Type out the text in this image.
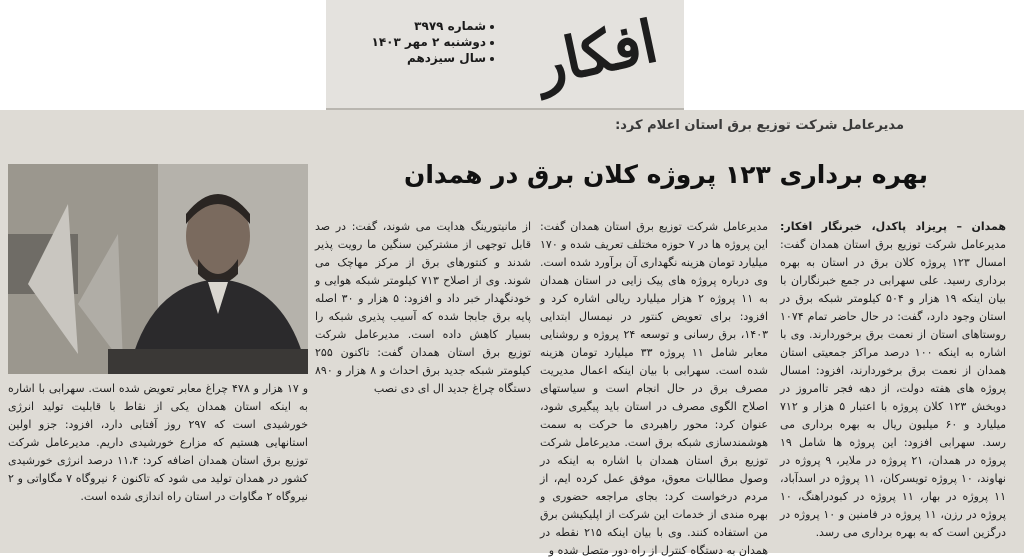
شماره ۳۹۷۹
دوشنبه ۲ مهر ۱۴۰۳
سال سیزدهم افکار
مدیرعامل شرکت توزیع برق استان اعلام کرد:
بهره برداری ۱۲۳ پروژه کلان برق در همدان

همدان – پریزاد پاکدل، خبرنگار افکار: مدیرعامل شرکت توزیع برق استان همدان گفت: امسال ۱۲۳ پروژه کلان برق در استان به بهره برداری رسید. علی سهرابی در جمع خبرنگاران با بیان اینکه ۱۹ هزار و ۵۰۴ کیلومتر شبکه برق در استان وجود دارد، گفت: در حال حاضر تمام ۱۰۷۴ روستاهای استان از نعمت برق برخوردارند. وی با اشاره به اینکه ۱۰۰ درصد مراکز جمعیتی استان همدان از نعمت برق برخوردارند، افزود: امسال پروژه های هفته دولت، از دهه فجر تاامروز در دوبخش ۱۲۳ کلان پروژه با اعتبار ۵ هزار و ۷۱۲ میلیارد و ۶۰ میلیون ریال به بهره برداری می رسد. سهرابی افزود: این پروژه ها شامل ۱۹ پروژه در همدان، ۲۱ پروژه در ملایر، ۹ پروژه در نهاوند، ۱۰ پروژه تویسرکان، ۱۱ پروژه در اسدآباد، ۱۱ پروژه در بهار، ۱۱ پروژه در کبودراهنگ، ۱۰ پروژه در رزن، ۱۱ پروژه در فامنین و ۱۰ پروژه در درگزین است که به بهره برداری می رسد.

مدیرعامل شرکت توزیع برق استان همدان گفت: این پروژه ها در ۷ حوزه مختلف تعریف شده و ۱۷۰ میلیارد تومان هزینه نگهداری آن برآورد شده است. وی درباره پروژه های پیک زایی در استان همدان به ۱۱ پروژه ۲ هزار میلیارد ریالی اشاره کرد و افزود: برای تعویض کنتور در نیمسال ابتدایی ۱۴۰۳، برق رسانی و توسعه ۲۴ پروژه و روشنایی معابر شامل ۱۱ پروژه ۳۳ میلیارد تومان هزینه شده است. سهرابی با بیان اینکه اعمال مدیریت مصرف برق در حال انجام است و سیاستهای اصلاح الگوی مصرف در استان باید پیگیری شود، عنوان کرد: محور راهبردی ما حرکت به سمت هوشمندسازی شبکه برق است. مدیرعامل شرکت توزیع برق استان همدان با اشاره به اینکه در وصول مطالبات معوق، موفق عمل کرده ایم، از مردم درخواست کرد: بجای مراجعه حضوری و بهره مندی از خدمات این شرکت از اپلیکیشن برق من استفاده کنند. وی با بیان اینکه ۲۱۵ نقطه در همدان به دستگاه کنترل از راه دور متصل شده و

از مانیتورینگ هدایت می شوند، گفت: در صد قابل توجهی از مشترکین سنگین ما رویت پذیر شدند و کنتورهای برق از مرکز مهاچک می شوند. وی از اصلاح ۷۱۳ کیلومتر شبکه هوایی و خودنگهدار خبر داد و افزود: ۵ هزار و ۳۰ اصله پایه برق جابجا شده که آسیب پذیری شبکه را بسیار کاهش داده است. مدیرعامل شرکت توزیع برق استان همدان گفت: تاکنون ۲۵۵ کیلومتر شبکه جدید برق احداث و ۸ هزار و ۸۹۰ دستگاه چراغ جدید ال ای دی نصب

و ۱۷ هزار و ۴۷۸ چراغ معابر تعویض شده است. سهرابی با اشاره به اینکه استان همدان یکی از نقاط با قابلیت تولید انرژی خورشیدی است که ۲۹۷ روز آفتابی دارد، افزود: جزو اولین استانهایی هستیم که مزارع خورشیدی داریم. مدیرعامل شرکت توزیع برق استان همدان اضافه کرد: ۱۱،۴ درصد انرژی خورشیدی کشور در همدان تولید می شود که تاکنون ۶ نیروگاه ۷ مگاواتی و ۲ نیروگاه ۲ مگاوات در استان راه اندازی شده است.
